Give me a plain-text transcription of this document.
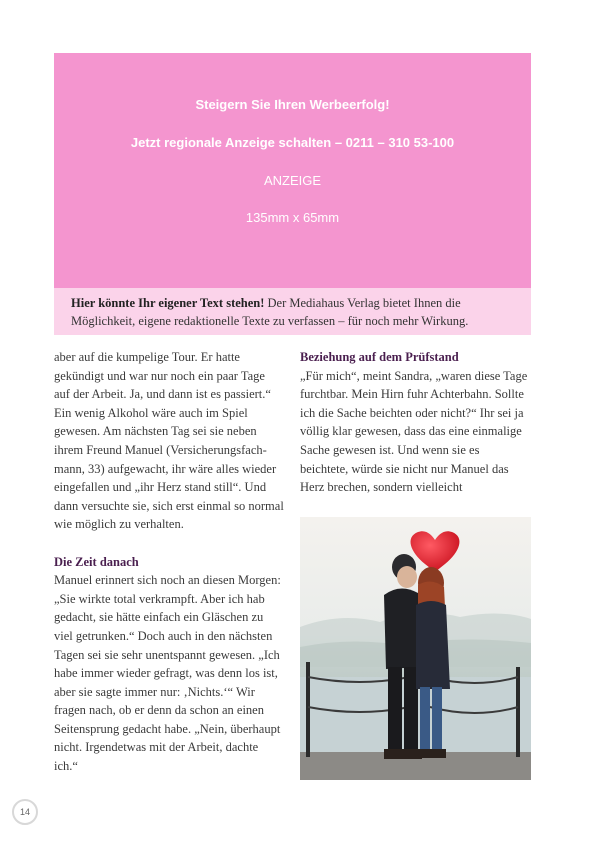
Steigern Sie Ihren Werbeerfolg!
Jetzt regionale Anzeige schalten – 0211 – 310 53-100
ANZEIGE
135mm x 65mm
Hier könnte Ihr eigener Text stehen! Der Mediahaus Verlag bietet Ihnen die Möglichkeit, eigene redaktionelle Texte zu verfassen – für noch mehr Wirkung.

aber auf die kumpelige Tour. Er hatte gekündigt und war nur noch ein paar Tage auf der Arbeit. Ja, und dann ist es passiert.“ Ein wenig Alkohol wäre auch im Spiel gewesen. Am nächsten Tag sei sie neben ihrem Freund Manuel (Versicherungsfach-mann, 33) aufgewacht, ihr wäre alles wieder eingefallen und „ihr Herz stand still“. Und dann versuchte sie, sich erst einmal so normal wie möglich zu verhalten.

Die Zeit danach

Manuel erinnert sich noch an diesen Morgen: „Sie wirkte total verkrampft. Aber ich hab gedacht, sie hätte einfach ein Gläschen zu viel getrunken.“ Doch auch in den nächsten Tagen sei sie sehr unentspannt gewesen. „Ich habe immer wieder gefragt, was denn los ist, aber sie sagte immer nur: ‚Nichts.‘“ Wir fragen nach, ob er denn da schon an einen Seitensprung gedacht habe. „Nein, überhaupt nicht. Irgendetwas mit der Arbeit, dachte ich.“

Beziehung auf dem Prüfstand

„Für mich“, meint Sandra, „waren diese Tage furchtbar. Mein Hirn fuhr Achterbahn. Sollte ich die Sache beichten oder nicht?“ Ihr sei ja völlig klar gewesen, dass das eine einmalige Sache gewesen ist. Und wenn sie es beichtete, würde sie nicht nur Manuel das Herz brechen, sondern vielleicht

14
